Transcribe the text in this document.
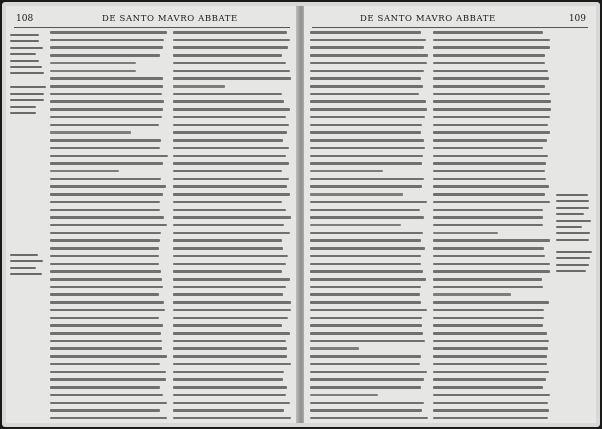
108	DE SANTO MAVRO ABBATE	DE SANTO MAVRO ABBATE	109
